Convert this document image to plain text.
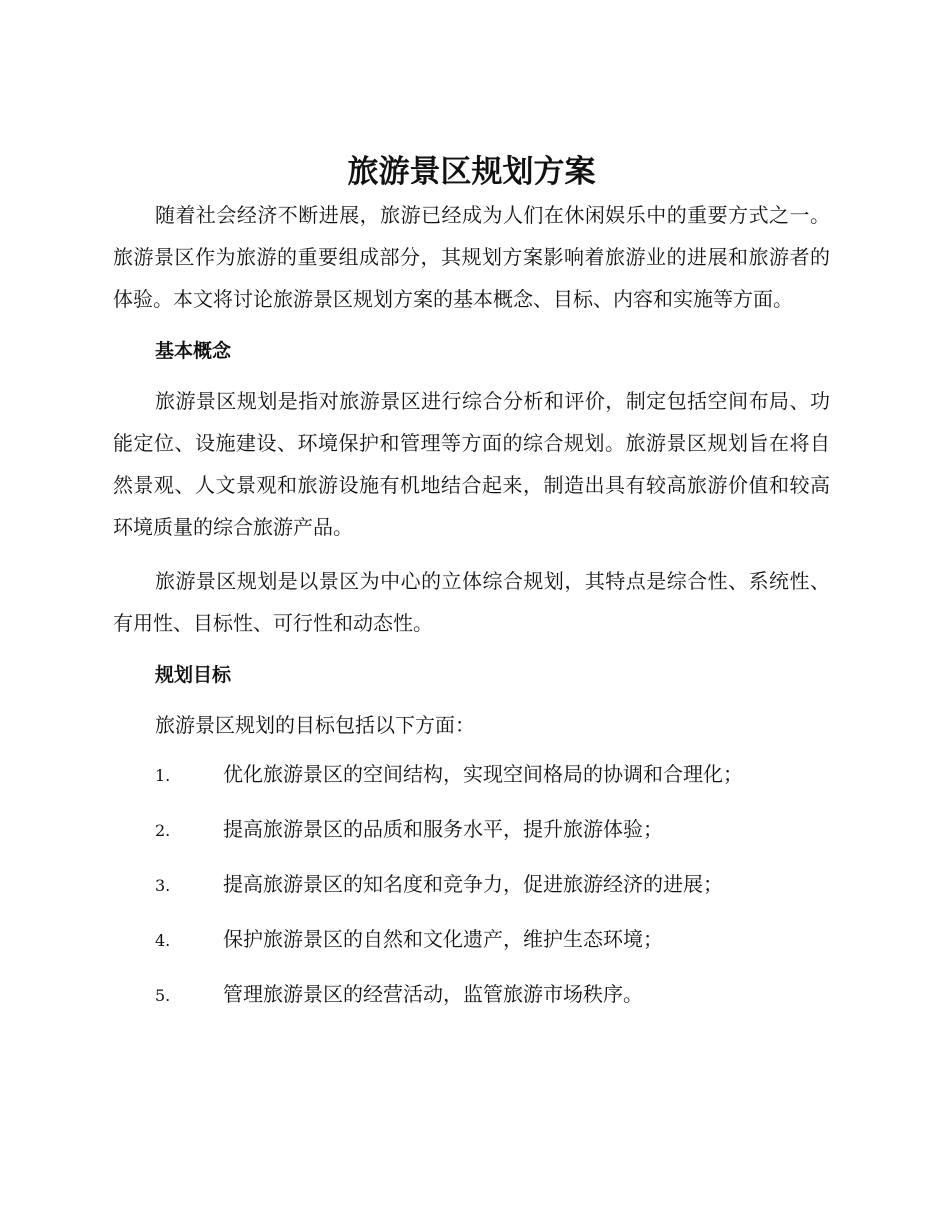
旅游景区规划方案

随着社会经济不断进展，旅游已经成为人们在休闲娱乐中的重要方式之一。旅游景区作为旅游的重要组成部分，其规划方案影响着旅游业的进展和旅游者的体验。本文将讨论旅游景区规划方案的基本概念、目标、内容和实施等方面。

基本概念

旅游景区规划是指对旅游景区进行综合分析和评价，制定包括空间布局、功能定位、设施建设、环境保护和管理等方面的综合规划。旅游景区规划旨在将自然景观、人文景观和旅游设施有机地结合起来，制造出具有较高旅游价值和较高环境质量的综合旅游产品。

旅游景区规划是以景区为中心的立体综合规划，其特点是综合性、系统性、有用性、目标性、可行性和动态性。

规划目标

旅游景区规划的目标包括以下方面：

1.	优化旅游景区的空间结构，实现空间格局的协调和合理化；
2.	提高旅游景区的品质和服务水平，提升旅游体验；
3.	提高旅游景区的知名度和竞争力，促进旅游经济的进展；
4.	保护旅游景区的自然和文化遗产，维护生态环境；
5.	管理旅游景区的经营活动，监管旅游市场秩序。
